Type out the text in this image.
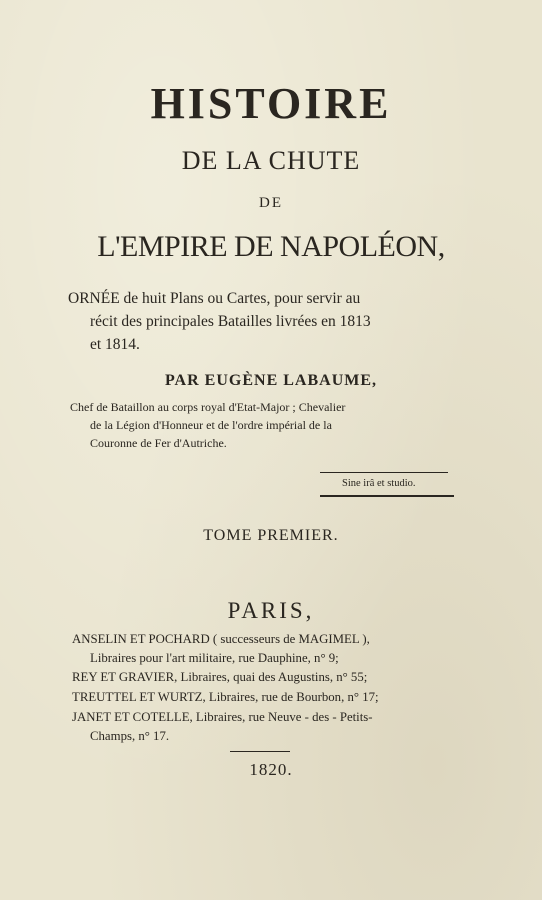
HISTOIRE
DE LA CHUTE
DE
L'EMPIRE DE NAPOLÉON,
ORNÉE de huit Plans ou Cartes, pour servir au
récit des principales Batailles livrées en 1813
et 1814.
PAR EUGÈNE LABAUME,
Chef de Bataillon au corps royal d'Etat-Major ; Chevalier
de la Légion d'Honneur et de l'ordre impérial de la
Couronne de Fer d'Autriche.
Sine irâ et studio.
TOME PREMIER.
PARIS,
ANSELIN ET POCHARD ( successeurs de MAGIMEL ),
Libraires pour l'art militaire, rue Dauphine, n° 9;
REY ET GRAVIER, Libraires, quai des Augustins, n° 55;
TREUTTEL ET WURTZ, Libraires, rue de Bourbon, n° 17;
JANET ET COTELLE, Libraires, rue Neuve - des - Petits-
Champs, n° 17.
1820.
